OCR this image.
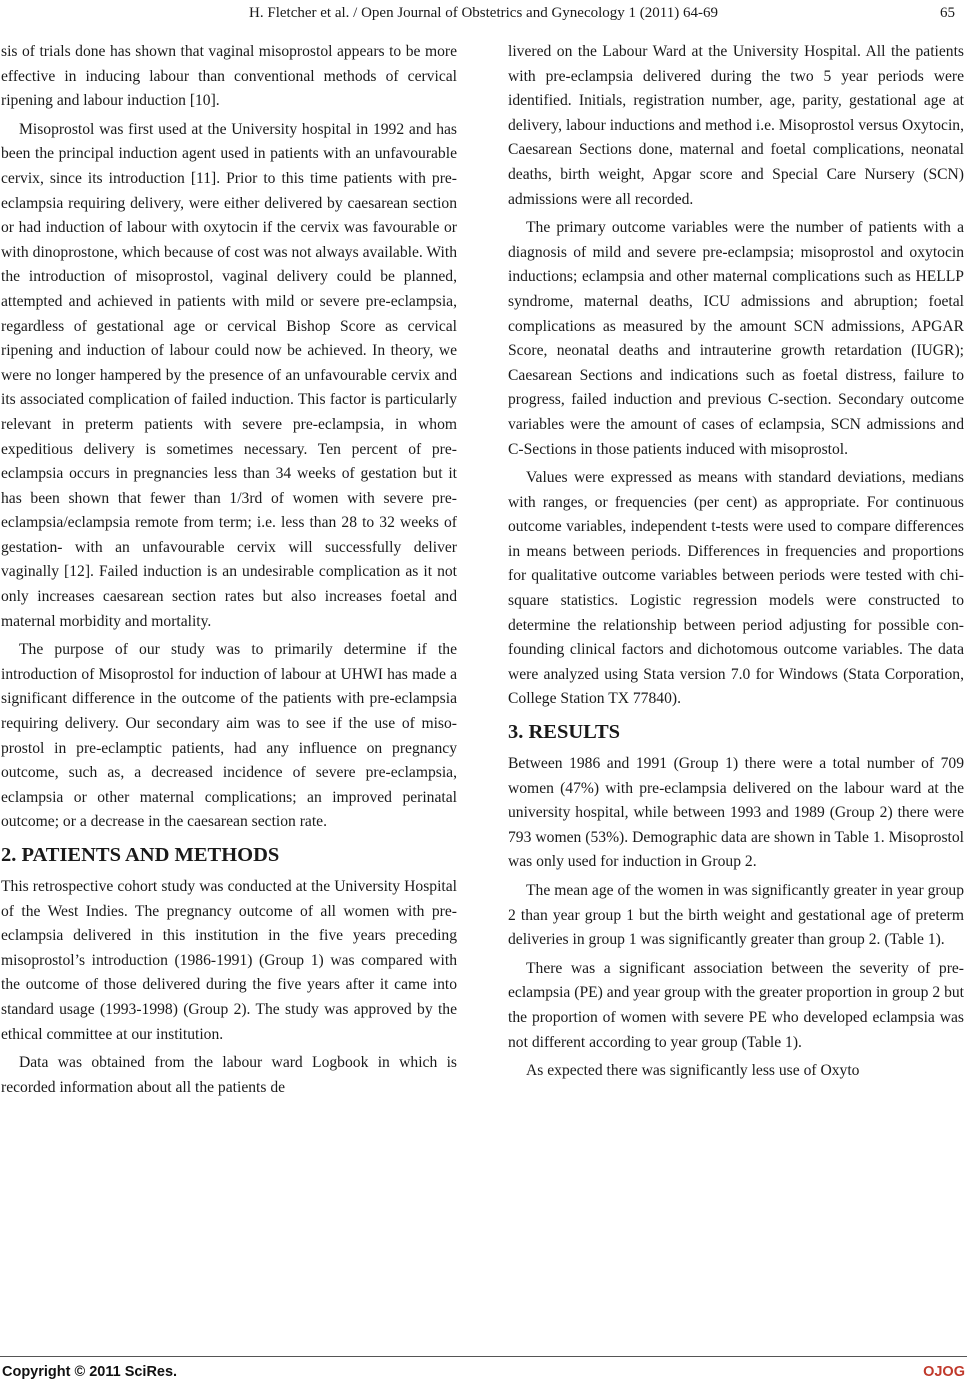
H. Fletcher et al. / Open Journal of Obstetrics and Gynecology 1 (2011) 64-69	65

sis of trials done has shown that vaginal misoprostol appears to be more effective in inducing labour than conventional methods of cervical ripening and labour induction [10].

Misoprostol was first used at the University hospital in 1992 and has been the principal induction agent used in patients with an unfavourable cervix, since its introduction [11]. Prior to this time patients with pre-eclampsia requiring delivery, were either delivered by caesarean section or had induction of labour with oxytocin if the cervix was favourable or with dinoprostone, which because of cost was not always available. With the introduction of misoprostol, vaginal delivery could be planned, attempted and achieved in patients with mild or severe pre-eclampsia, regardless of gestational age or cervical Bishop Score as cervical ripening and induction of labour could now be achieved. In theory, we were no longer hampered by the presence of an unfavourable cervix and its associated complication of failed induction. This factor is particularly relevant in preterm patients with severe pre-eclampsia, in whom expeditious delivery is sometimes necessary. Ten percent of pre-eclampsia occurs in pregnancies less than 34 weeks of gestation but it has been shown that fewer than 1/3rd of women with severe pre-eclampsia/eclampsia remote from term; i.e. less than 28 to 32 weeks of gestation- with an unfavourable cervix will successfully deliver vaginally [12]. Failed induction is an undesirable complication as it not only increases caesarean section rates but also increases foetal and maternal morbidity and mortality.

The purpose of our study was to primarily determine if the introduction of Misoprostol for induction of labour at UHWI has made a significant difference in the outcome of the patients with pre-eclampsia requiring delivery. Our secondary aim was to see if the use of misoprostol in pre-eclamptic patients, had any influence on pregnancy outcome, such as, a decreased incidence of severe pre-eclampsia, eclampsia or other maternal complications; an improved perinatal outcome; or a decrease in the caesarean section rate.

2. PATIENTS AND METHODS

This retrospective cohort study was conducted at the University Hospital of the West Indies. The pregnancy outcome of all women with pre-eclampsia delivered in this institution in the five years preceding misoprostol’s introduction (1986-1991) (Group 1) was compared with the outcome of those delivered during the five years after it came into standard usage (1993-1998) (Group 2). The study was approved by the ethical committee at our institution.

Data was obtained from the labour ward Logbook in which is recorded information about all the patients de

livered on the Labour Ward at the University Hospital. All the patients with pre-eclampsia delivered during the two 5 year periods were identified. Initials, registration number, age, parity, gestational age at delivery, labour inductions and method i.e. Misoprostol versus Oxytocin, Caesarean Sections done, maternal and foetal complications, neonatal deaths, birth weight, Apgar score and Special Care Nursery (SCN) admissions were all recorded.

The primary outcome variables were the number of patients with a diagnosis of mild and severe pre-eclampsia; misoprostol and oxytocin inductions; eclampsia and other maternal complications such as HELLP syndrome, maternal deaths, ICU admissions and abruption; foetal complications as measured by the amount SCN admissions, APGAR Score, neonatal deaths and intrauterine growth retardation (IUGR); Caesarean Sections and indications such as foetal distress, failure to progress, failed induction and previous C-section. Secondary outcome variables were the amount of cases of eclampsia, SCN admissions and C-Sections in those patients induced with misoprostol.

Values were expressed as means with standard deviations, medians with ranges, or frequencies (per cent) as appropriate. For continuous outcome variables, independent t-tests were used to compare differences in means between periods. Differences in frequencies and proportions for qualitative outcome variables between periods were tested with chi-square statistics. Logistic regression models were constructed to determine the relationship between period adjusting for possible confounding clinical factors and dichotomous outcome variables. The data were analyzed using Stata version 7.0 for Windows (Stata Corporation, College Station TX 77840).

3. RESULTS

Between 1986 and 1991 (Group 1) there were a total number of 709 women (47%) with pre-eclampsia delivered on the labour ward at the university hospital, while between 1993 and 1989 (Group 2) there were 793 women (53%). Demographic data are shown in Table 1. Misoprostol was only used for induction in Group 2.

The mean age of the women in was significantly greater in year group 2 than year group 1 but the birth weight and gestational age of preterm deliveries in group 1 was significantly greater than group 2. (Table 1).

There was a significant association between the severity of pre-eclampsia (PE) and year group with the greater proportion in group 2 but the proportion of women with severe PE who developed eclampsia was not different according to year group (Table 1).

As expected there was significantly less use of Oxyto

Copyright © 2011 SciRes.	OJOG
